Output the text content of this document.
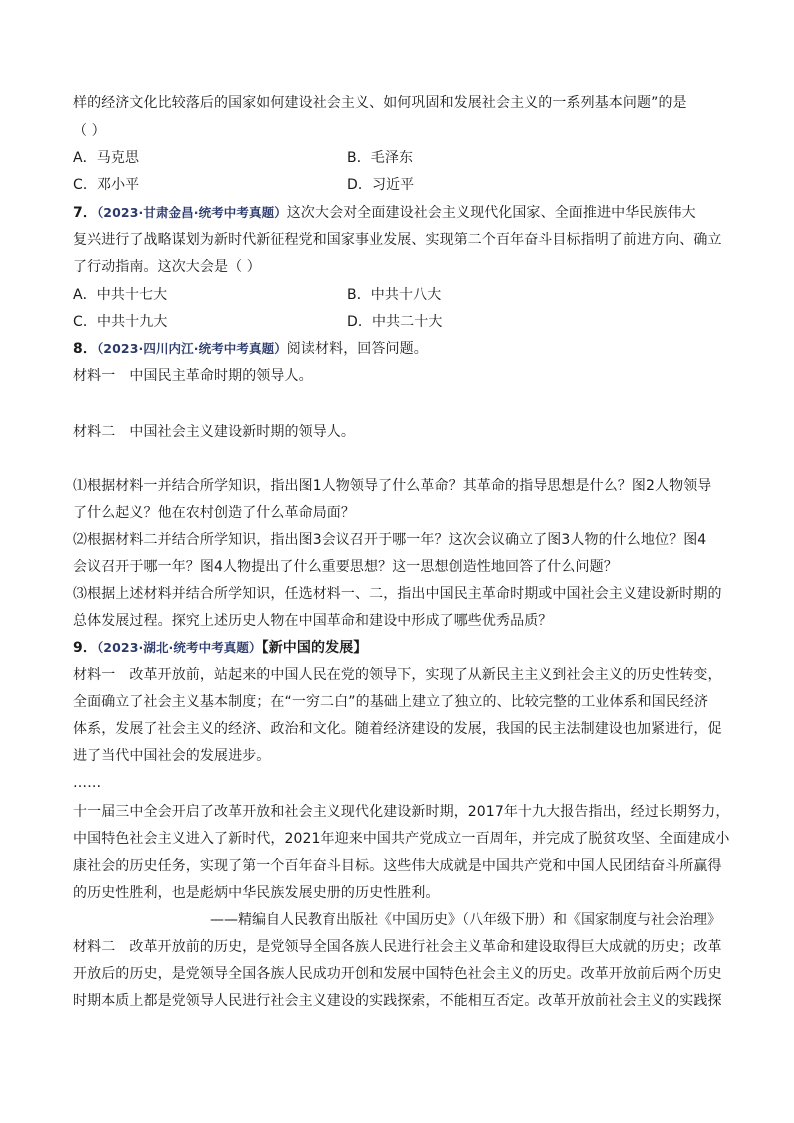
样的经济文化比较落后的国家如何建设社会主义、如何巩固和发展社会主义的一系列基本问题”的是
（ ）
A．马克思	B．毛泽东
C．邓小平	D．习近平
7．（2023·甘肃金昌·统考中考真题）这次大会对全面建设社会主义现代化国家、全面推进中华民族伟大
复兴进行了战略谋划为新时代新征程党和国家事业发展、实现第二个百年奋斗目标指明了前进方向、确立
了行动指南。这次大会是（ ）
A．中共十七大	B．中共十八大
C．中共十九大	D．中共二十大
8．（2023·四川内江·统考中考真题）阅读材料，回答问题。
材料一　中国民主革命时期的领导人。
材料二　中国社会主义建设新时期的领导人。
⑴根据材料一并结合所学知识，指出图1人物领导了什么革命？其革命的指导思想是什么？图2人物领导
了什么起义？他在农村创造了什么革命局面？
⑵根据材料二并结合所学知识，指出图3会议召开于哪一年？这次会议确立了图3人物的什么地位？图4
会议召开于哪一年？图4人物提出了什么重要思想？这一思想创造性地回答了什么问题？
⑶根据上述材料并结合所学知识，任选材料一、二，指出中国民主革命时期或中国社会主义建设新时期的
总体发展过程。探究上述历史人物在中国革命和建设中形成了哪些优秀品质？
9．（2023·湖北·统考中考真题）【新中国的发展】
材料一　改革开放前，站起来的中国人民在党的领导下，实现了从新民主主义到社会主义的历史性转变，
全面确立了社会主义基本制度；在“一穷二白”的基础上建立了独立的、比较完整的工业体系和国民经济
体系，发展了社会主义的经济、政治和文化。随着经济建设的发展，我国的民主法制建设也加紧进行，促
进了当代中国社会的发展进步。
……
十一届三中全会开启了改革开放和社会主义现代化建设新时期，2017年十九大报告指出，经过长期努力，
中国特色社会主义进入了新时代，2021年迎来中国共产党成立一百周年，并完成了脱贫攻坚、全面建成小
康社会的历史任务，实现了第一个百年奋斗目标。这些伟大成就是中国共产党和中国人民团结奋斗所赢得
的历史性胜利，也是彪炳中华民族发展史册的历史性胜利。
——精编自人民教育出版社《中国历史》（八年级下册）和《国家制度与社会治理》
材料二　改革开放前的历史，是党领导全国各族人民进行社会主义革命和建设取得巨大成就的历史；改革
开放后的历史，是党领导全国各族人民成功开创和发展中国特色社会主义的历史。改革开放前后两个历史
时期本质上都是党领导人民进行社会主义建设的实践探索，不能相互否定。改革开放前社会主义的实践探
